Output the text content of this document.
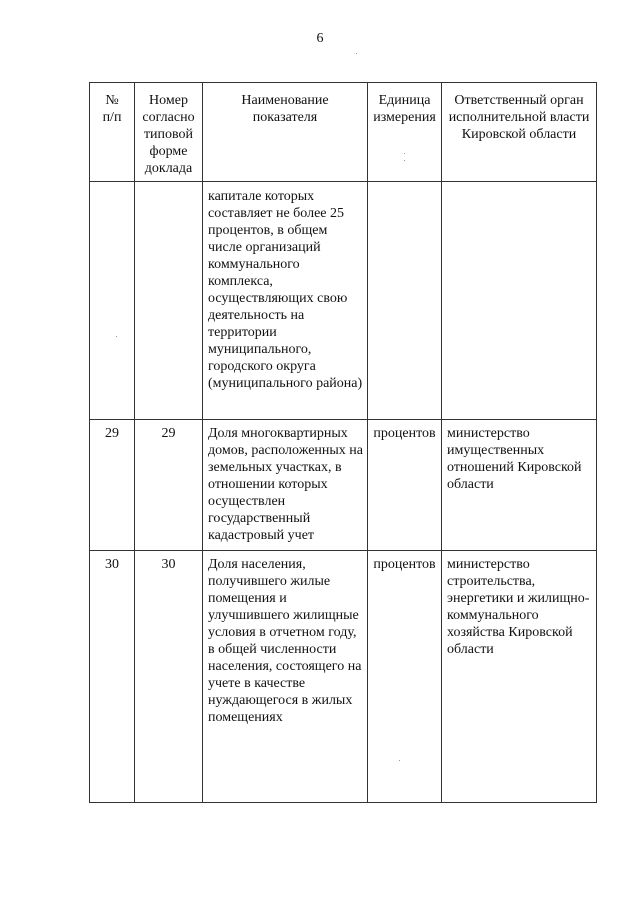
6
№ п/п	Номер согласно типовой форме доклада	Наименование показателя	Единица измерения	Ответственный орган исполнительной власти Кировской области

		капитале которых составляет не более 25 процентов, в общем числе организаций коммунального комплекса, осуществляющих свою деятельность на территории муниципального, городского округа (муниципального района)		

29	29	Доля многоквартирных домов, расположенных на земельных участках, в отношении которых осуществлен государственный кадастровый учет	процентов	министерство имущественных отношений Кировской области

30	30	Доля населения, получившего жилые помещения и улучшившего жилищные условия в отчетном году, в общей численности населения, состоящего на учете в качестве нуждающегося в жилых помещениях	процентов	министерство строительства, энергетики и жилищно-коммунального хозяйства Кировской области
